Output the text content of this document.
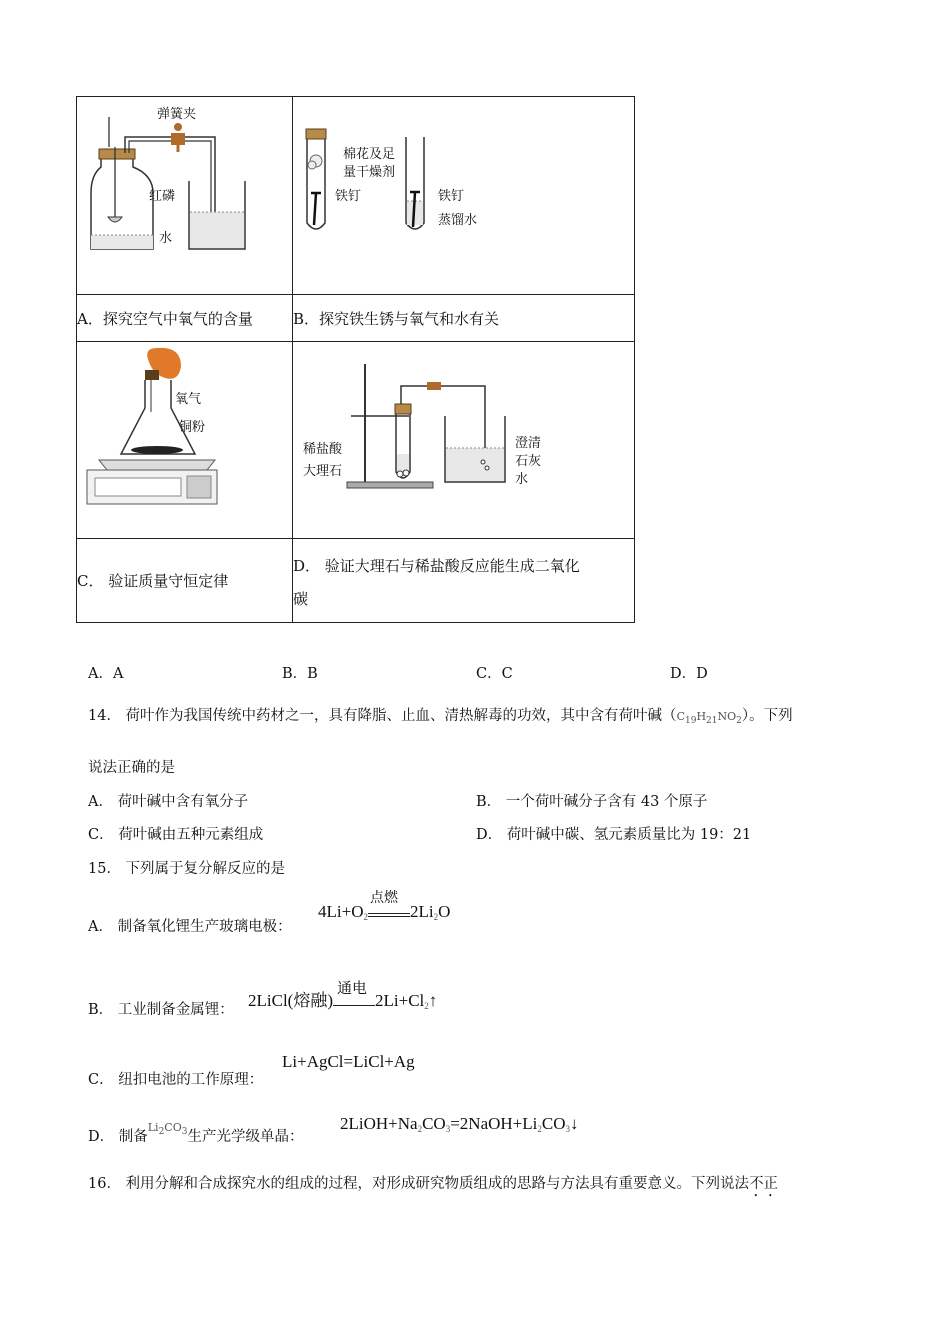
弹簧夹
红磷
水	棉花及足
量干燥剂
铁钉 铁钉
蒸馏水

A．探究空气中氧气的含量	B．探究铁生锈与氧气和水有关

氧气
铜粉	稀盐酸
大理石
澄清
石灰
水

C． 验证质量守恒定律	D． 验证大理石与稀盐酸反应能生成二氧化
碳
A．A	B．B	C．C	D．D
14． 荷叶作为我国传统中药材之一，具有降脂、止血、清热解毒的功效，其中含有荷叶碱$(C_{19}H_{21}NO_2)$。下列
说法正确的是
A． 荷叶碱中含有氧分子	B． 一个荷叶碱分子含有 43 个原子
C． 荷叶碱由五种元素组成	D． 荷叶碱中碳、氢元素质量比为 19：21
15． 下列属于复分解反应的是
A． 制备氧化锂生产玻璃电极：
$4Li+O_2$
点燃
$2Li_2O$
B． 工业制备金属锂： 2LiCl(熔融)
通电
$2Li+Cl_2↑$
C． 纽扣电池的工作原理：
Li+AgCl=LiCl+Ag
D． 制备$^{Li_2CO_3}$生产光学级单晶：
$2LiOH+Na_2CO_3=2NaOH+Li_2CO_3↓$
16． 利用分解和合成探究水的组成的过程，对形成研究物质组成的思路与方法具有重要意义。下列说法不正
